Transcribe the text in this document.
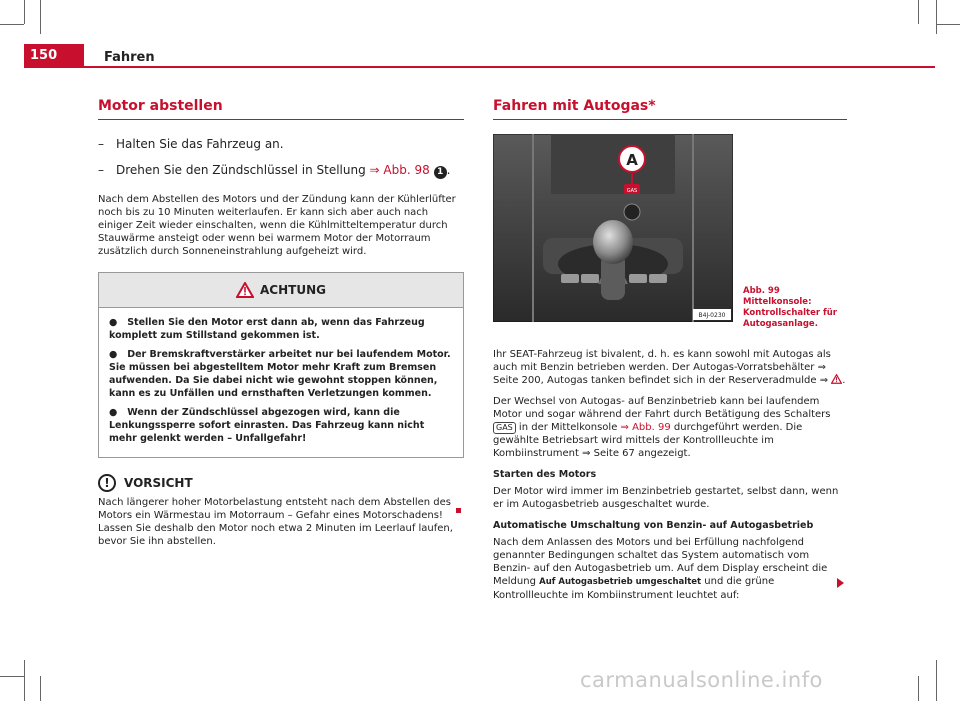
150	Fahren
Motor abstellen
–	Halten Sie das Fahrzeug an.
–	Drehen Sie den Zündschlüssel in Stellung ⇒ Abb. 98 1 .

Nach dem Abstellen des Motors und der Zündung kann der Kühlerlüfter noch bis zu 10 Minuten weiterlaufen. Er kann sich aber auch nach einiger Zeit wieder einschalten, wenn die Kühlmitteltemperatur durch Stauwärme ansteigt oder wenn bei warmem Motor der Motorraum zusätzlich durch Sonneneinstrahlung aufgeheizt wird.

ACHTUNG
●   Stellen Sie den Motor erst dann ab, wenn das Fahrzeug komplett zum Stillstand gekommen ist.
●   Der Bremskraftverstärker arbeitet nur bei laufendem Motor. Sie müssen bei abgestelltem Motor mehr Kraft zum Bremsen aufwenden. Da Sie dabei nicht wie gewohnt stoppen können, kann es zu Unfällen und ernsthaften Verletzungen kommen.
●   Wenn der Zündschlüssel abgezogen wird, kann die Lenkungssperre sofort einrasten. Das Fahrzeug kann nicht mehr gelenkt werden – Unfallgefahr!
!	VORSICHT

Nach längerer hoher Motorbelastung entsteht nach dem Abstellen des Motors ein Wärmestau im Motorraum – Gefahr eines Motorschadens! Lassen Sie deshalb den Motor noch etwa 2 Minuten im Leerlauf laufen, bevor Sie ihn abstellen.

Fahren mit Autogas*
GAS
A
B4J-0230
Abb. 99 Mittelkonsole: Kontrollschalter für Autogasanlage.

Ihr SEAT-Fahrzeug ist bivalent, d. h. es kann sowohl mit Autogas als auch mit Benzin betrieben werden. Der Autogas-Vorratsbehälter ⇒ Seite 200, Autogas tanken befindet sich in der Reserveradmulde ⇒ .

Der Wechsel von Autogas- auf Benzinbetrieb kann bei laufendem Motor und sogar während der Fahrt durch Betätigung des Schalters GAS in der Mittelkonsole ⇒ Abb. 99 durchgeführt werden. Die gewählte Betriebsart wird mittels der Kontrollleuchte im Kombiinstrument ⇒ Seite 67 angezeigt.

Starten des Motors

Der Motor wird immer im Benzinbetrieb gestartet, selbst dann, wenn er im Autogasbetrieb ausgeschaltet wurde.

Automatische Umschaltung von Benzin- auf Autogasbetrieb

Nach dem Anlassen des Motors und bei Erfüllung nachfolgend genannter Bedingungen schaltet das System automatisch vom Benzin- auf den Autogasbetrieb um. Auf dem Display erscheint die Meldung Auf Autogasbetrieb umgeschaltet und die grüne Kontrollleuchte im Kombiinstrument leuchtet auf:

carmanualsonline.info
